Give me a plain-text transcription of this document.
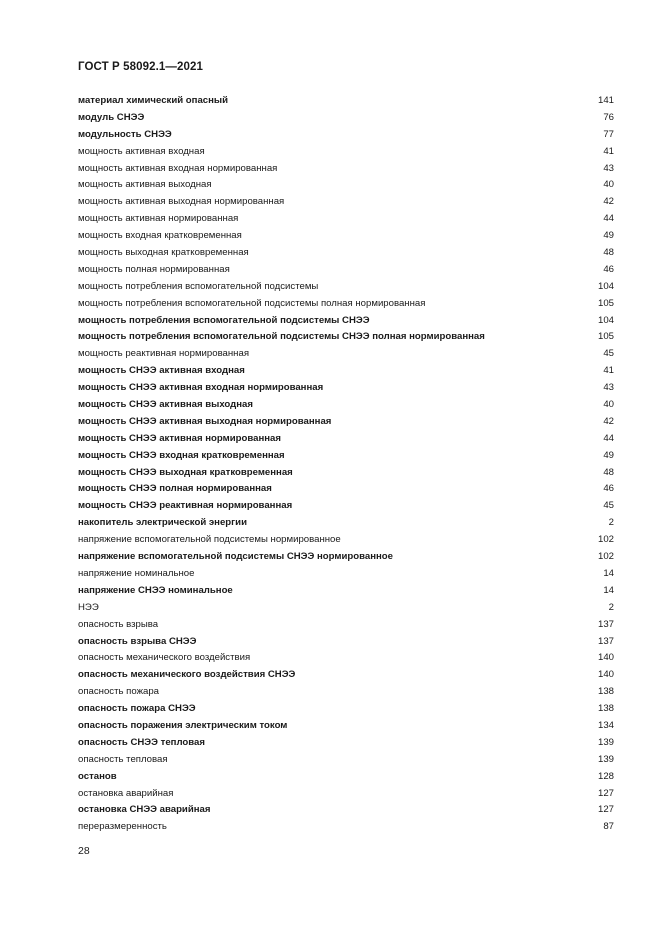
ГОСТ Р 58092.1—2021
материал химический опасный	141
модуль СНЭЭ	76
модульность СНЭЭ	77
мощность активная входная	41
мощность активная входная нормированная	43
мощность активная выходная	40
мощность активная выходная нормированная	42
мощность активная нормированная	44
мощность входная кратковременная	49
мощность выходная кратковременная	48
мощность полная нормированная	46
мощность потребления вспомогательной подсистемы	104
мощность потребления вспомогательной подсистемы полная нормированная	105
мощность потребления вспомогательной подсистемы СНЭЭ	104
мощность потребления вспомогательной подсистемы СНЭЭ полная нормированная	105
мощность реактивная нормированная	45
мощность СНЭЭ активная входная	41
мощность СНЭЭ активная входная нормированная	43
мощность СНЭЭ активная выходная	40
мощность СНЭЭ активная выходная нормированная	42
мощность СНЭЭ активная нормированная	44
мощность СНЭЭ входная кратковременная	49
мощность СНЭЭ выходная кратковременная	48
мощность СНЭЭ полная нормированная	46
мощность СНЭЭ реактивная нормированная	45
накопитель электрической энергии	2
напряжение вспомогательной подсистемы нормированное	102
напряжение вспомогательной подсистемы СНЭЭ нормированное	102
напряжение номинальное	14
напряжение СНЭЭ номинальное	14
НЭЭ	2
опасность взрыва	137
опасность взрыва СНЭЭ	137
опасность механического воздействия	140
опасность механического воздействия СНЭЭ	140
опасность пожара	138
опасность пожара СНЭЭ	138
опасность поражения электрическим током	134
опасность СНЭЭ тепловая	139
опасность тепловая	139
останов	128
остановка аварийная	127
остановка СНЭЭ аварийная	127
переразмеренность	87
28
